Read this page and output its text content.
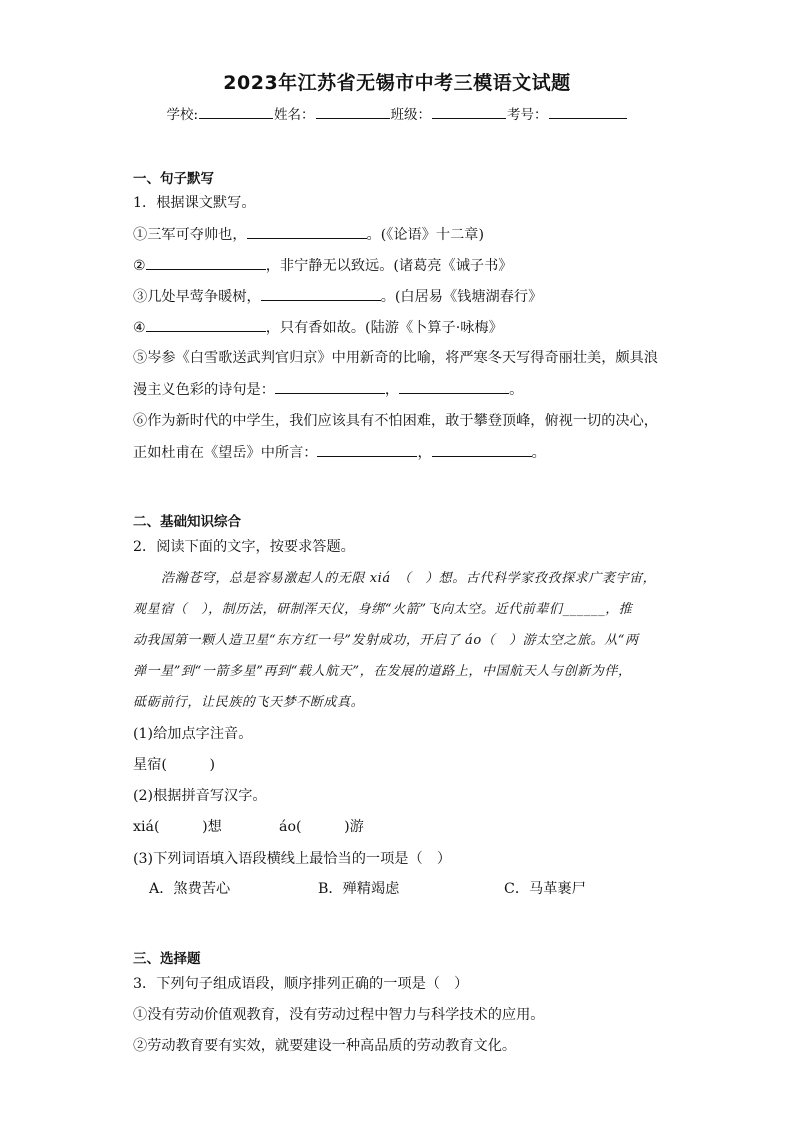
2023年江苏省无锡市中考三模语文试题
学校:	姓名：	班级：	考号：
一、句子默写
1．根据课文默写。
①三军可夺帅也，	。(《论语》十二章)
②	，非宁静无以致远。(诸葛亮《诫子书》
③几处早莺争暖树，	。(白居易《钱塘湖春行》
④	，只有香如故。(陆游《卜算子·咏梅》
⑤岑参《白雪歌送武判官归京》中用新奇的比喻，将严寒冬天写得奇丽壮美，颇具浪
漫主义色彩的诗句是：	，	。
⑥作为新时代的中学生，我们应该具有不怕困难，敢于攀登顶峰，俯视一切的决心，
正如杜甫在《望岳》中所言：	，	。
二、基础知识综合
2．阅读下面的文字，按要求答题。
浩瀚苍穹，总是容易激起人的无限 xiá　（　）想。古代科学家孜孜探求广袤宇宙，
观星宿（　），制历法，研制浑天仪，身绑“火箭”飞向太空。近代前辈们______，推
动我国第一颗人造卫星“东方红一号”发射成功，开启了 áo（　）游太空之旅。从“两
弹一星”到“一箭多星”再到“载人航天”，在发展的道路上，中国航天人与创新为伴，
砥砺前行，让民族的飞天梦不断成真。
(1)给加点字注音。
星宿(　　　)
(2)根据拼音写汉字。
xiá(　　　)想	áo(　　　)游
(3)下列词语填入语段横线上最恰当的一项是（　）
A．煞费苦心	B．殚精竭虑	C．马革裹尸
三、选择题
3．下列句子组成语段，顺序排列正确的一项是（　）
①没有劳动价值观教育，没有劳动过程中智力与科学技术的应用。
②劳动教育要有实效，就要建设一种高品质的劳动教育文化。
